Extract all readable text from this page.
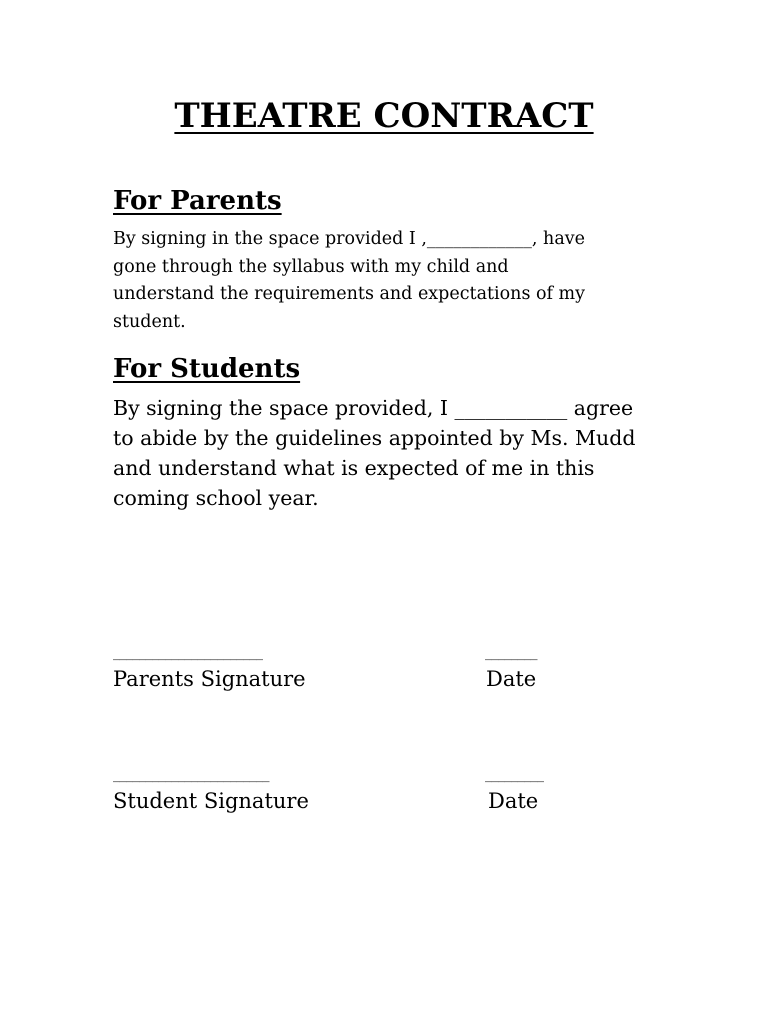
THEATRE CONTRACT
For Parents

By signing in the space provided I ,____________, have
gone through the syllabus with my child and
understand the requirements and expectations of my
student.

For Students

By signing the space provided, I ___________ agree
to abide by the guidelines appointed by Ms. Mudd
and understand what is expected of me in this
coming school year.

_______________________	________
Parents Signature	Date
________________________	_________
Student Signature	Date
